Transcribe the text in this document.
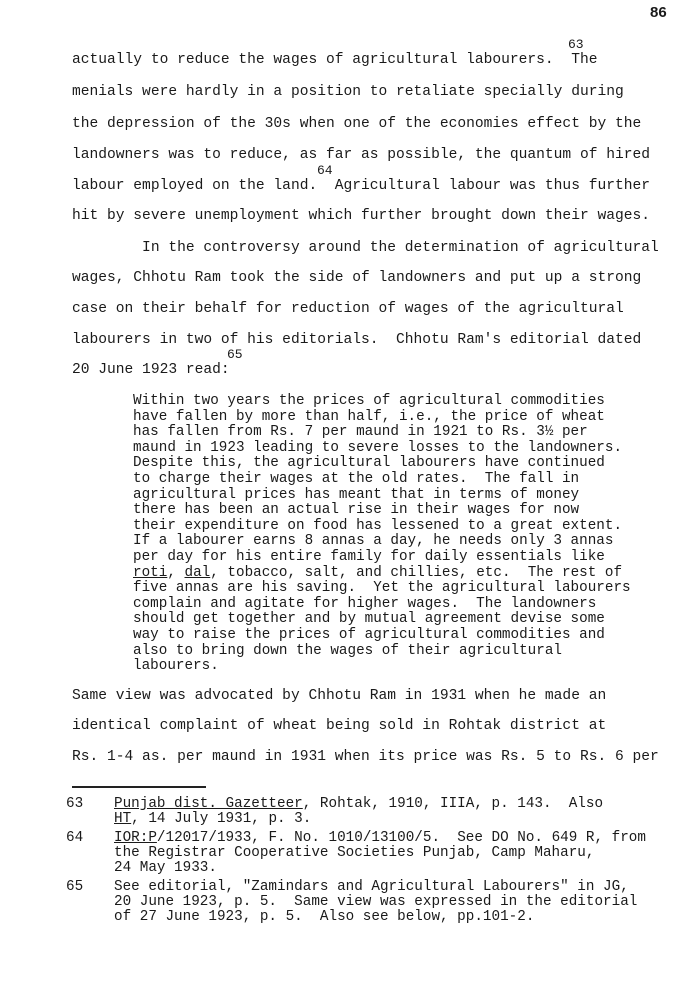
86
actually to reduce the wages of agricultural labourers.  The
menials were hardly in a position to retaliate specially during
the depression of the 30s when one of the economies effect by the
landowners was to reduce, as far as possible, the quantum of hired
labour employed on the land.  Agricultural labour was thus further
hit by severe unemployment which further brought down their wages.
In the controversy around the determination of agricultural
wages, Chhotu Ram took the side of landowners and put up a strong
case on their behalf for reduction of wages of the agricultural
labourers in two of his editorials.  Chhotu Ram's editorial dated
20 June 1923 read:
63
64
65
Within two years the prices of agricultural commodities
have fallen by more than half, i.e., the price of wheat
has fallen from Rs. 7 per maund in 1921 to Rs. 3½ per
maund in 1923 leading to severe losses to the landowners.
Despite this, the agricultural labourers have continued
to charge their wages at the old rates.  The fall in
agricultural prices has meant that in terms of money
there has been an actual rise in their wages for now
their expenditure on food has lessened to a great extent.
If a labourer earns 8 annas a day, he needs only 3 annas
per day for his entire family for daily essentials like
roti, dal, tobacco, salt, and chillies, etc.  The rest of
five annas are his saving.  Yet the agricultural labourers
complain and agitate for higher wages.  The landowners
should get together and by mutual agreement devise some
way to raise the prices of agricultural commodities and
also to bring down the wages of their agricultural
labourers.
Same view was advocated by Chhotu Ram in 1931 when he made an
identical complaint of wheat being sold in Rohtak district at
Rs. 1-4 as. per maund in 1931 when its price was Rs. 5 to Rs. 6 per
63 Punjab dist. Gazetteer, Rohtak, 1910, IIIA, p. 143.  Also
HT, 14 July 1931, p. 3.
64 IOR:P/12017/1933, F. No. 1010/13100/5.  See DO No. 649 R, from
the Registrar Cooperative Societies Punjab, Camp Maharu,
24 May 1933.
65 See editorial, "Zamindars and Agricultural Labourers" in JG,
20 June 1923, p. 5.  Same view was expressed in the editorial
of 27 June 1923, p. 5.  Also see below, pp.101-2.
